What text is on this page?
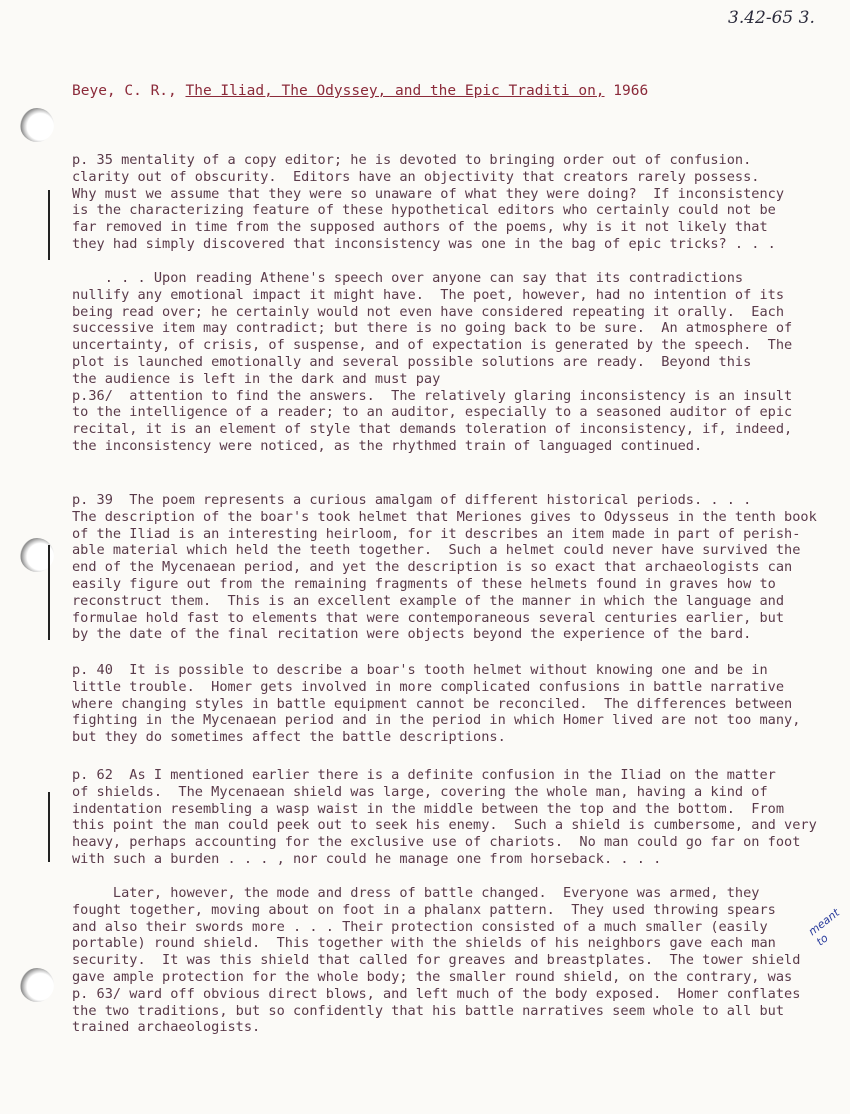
3.42-65 3.
Beye, C. R., The Iliad, The Odyssey, and the Epic Traditi on, 1966
p. 35 mentality of a copy editor; he is devoted to bringing order out of confusion.
clarity out of obscurity.  Editors have an objectivity that creators rarely possess.
Why must we assume that they were so unaware of what they were doing?  If inconsistency
is the characterizing feature of these hypothetical editors who certainly could not be
far removed in time from the supposed authors of the poems, why is it not likely that
they had simply discovered that inconsistency was one in the bag of epic tricks? . . .
. . . Upon reading Athene's speech over anyone can say that its contradictions
nullify any emotional impact it might have.  The poet, however, had no intention of its
being read over; he certainly would not even have considered repeating it orally.  Each
successive item may contradict; but there is no going back to be sure.  An atmosphere of
uncertainty, of crisis, of suspense, and of expectation is generated by the speech.  The
plot is launched emotionally and several possible solutions are ready.  Beyond this
the audience is left in the dark and must pay
p.36/  attention to find the answers.  The relatively glaring inconsistency is an insult
to the intelligence of a reader; to an auditor, especially to a seasoned auditor of epic
recital, it is an element of style that demands toleration of inconsistency, if, indeed,
the inconsistency were noticed, as the rhythmed train of languaged continued.
p. 39  The poem represents a curious amalgam of different historical periods. . . .
The description of the boar's took helmet that Meriones gives to Odysseus in the tenth book
of the Iliad is an interesting heirloom, for it describes an item made in part of perish-
able material which held the teeth together.  Such a helmet could never have survived the
end of the Mycenaean period, and yet the description is so exact that archaeologists can
easily figure out from the remaining fragments of these helmets found in graves how to
reconstruct them.  This is an excellent example of the manner in which the language and
formulae hold fast to elements that were contemporaneous several centuries earlier, but
by the date of the final recitation were objects beyond the experience of the bard.
p. 40  It is possible to describe a boar's tooth helmet without knowing one and be in
little trouble.  Homer gets involved in more complicated confusions in battle narrative
where changing styles in battle equipment cannot be reconciled.  The differences between
fighting in the Mycenaean period and in the period in which Homer lived are not too many,
but they do sometimes affect the battle descriptions.
p. 62  As I mentioned earlier there is a definite confusion in the Iliad on the matter
of shields.  The Mycenaean shield was large, covering the whole man, having a kind of
indentation resembling a wasp waist in the middle between the top and the bottom.  From
this point the man could peek out to seek his enemy.  Such a shield is cumbersome, and very
heavy, perhaps accounting for the exclusive use of chariots.  No man could go far on foot
with such a burden . . . , nor could he manage one from horseback. . . .
Later, however, the mode and dress of battle changed.  Everyone was armed, they
fought together, moving about on foot in a phalanx pattern.  They used throwing spears
and also their swords more . . . Their protection consisted of a much smaller (easily
portable) round shield.  This together with the shields of his neighbors gave each man
security.  It was this shield that called for greaves and breastplates.  The tower shield
gave ample protection for the whole body; the smaller round shield, on the contrary, was
p. 63/ ward off obvious direct blows, and left much of the body exposed.  Homer conflates
the two traditions, but so confidently that his battle narratives seem whole to all but
trained archaeologists.
meant to
